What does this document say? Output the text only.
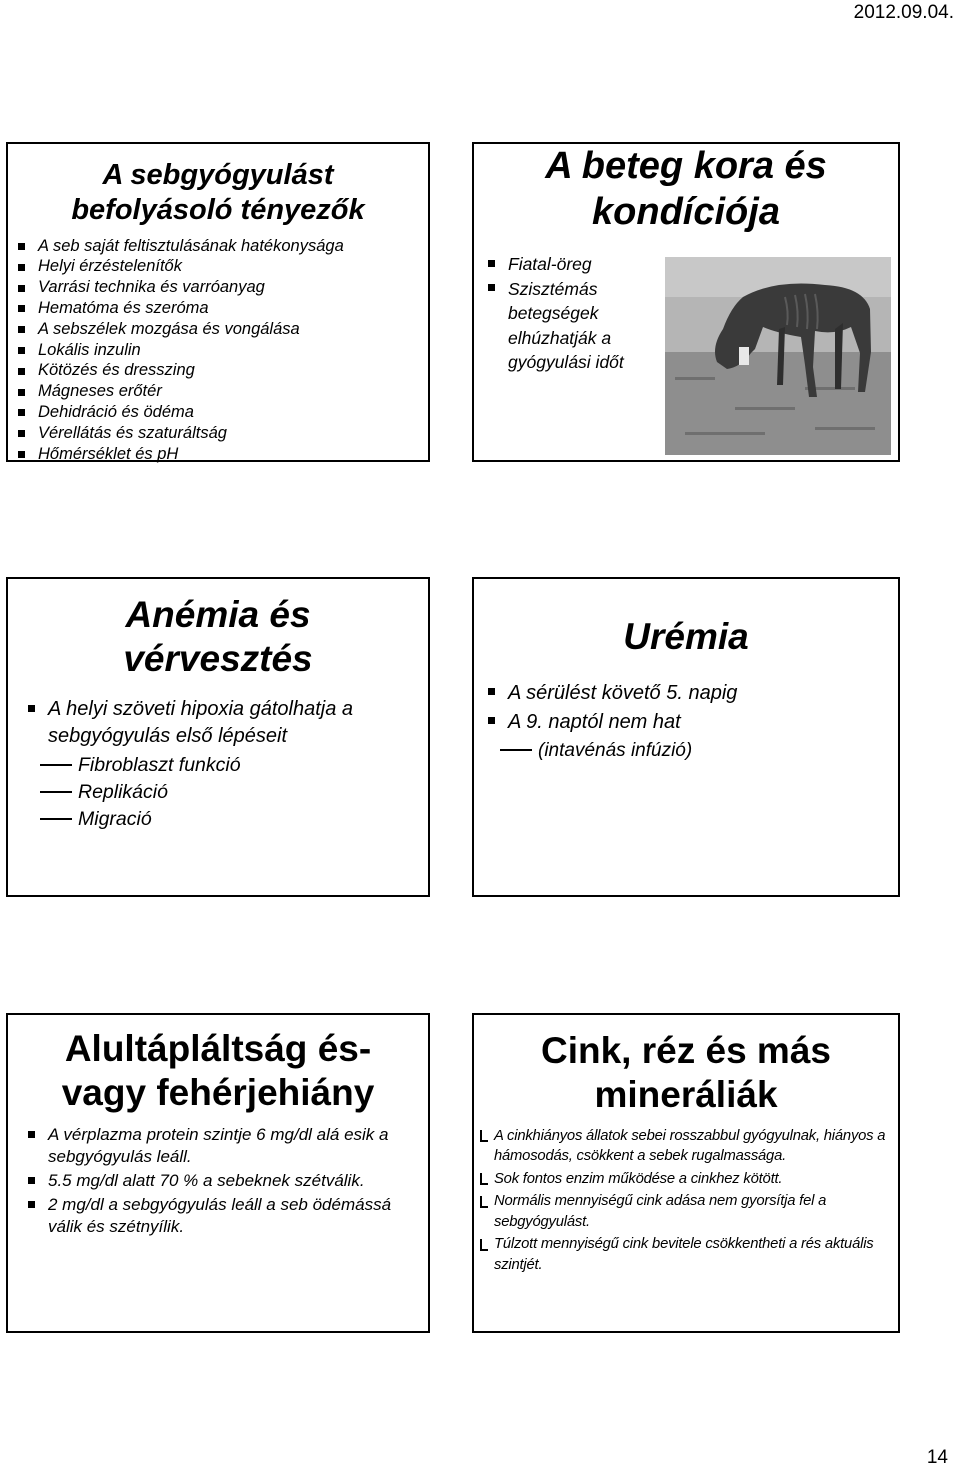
2012.09.04.
A sebgyógyulást
befolyásoló tényezők
A seb saját feltisztulásának hatékonysága
Helyi érzéstelenítők
Varrási technika és varróanyag
Hematóma és szeróma
A sebszélek mozgása és vongálása
Lokális inzulin
Kötözés és dresszing
Mágneses erőtér
Dehidráció és ödéma
Vérellátás és szaturáltság
Hőmérséklet és pH
A beteg kora és
kondíciója
Fiatal-öreg
Szisztémás betegségek elhúzhatják a gyógyulási időt
Anémia és
vérvesztés
A helyi szöveti hipoxia gátolhatja a sebgyógyulás első lépéseit
Fibroblaszt funkció
Replikáció
Migració
Urémia
A sérülést követő 5. napig
A 9. naptól nem hat
(intavénás infúzió)
Alultápláltság és-
vagy fehérjehiány
A vérplazma protein szintje 6 mg/dl alá esik a sebgyógyulás leáll.
5.5 mg/dl alatt 70 % a sebeknek szétválik.
2 mg/dl a sebgyógyulás leáll a seb ödémássá válik és szétnyílik.
Cink, réz és más
mineráliák
A cinkhiányos állatok sebei rosszabbul gyógyulnak, hiányos a hámosodás, csökkent a sebek rugalmassága.
Sok fontos enzim működése a cinkhez kötött.
Normális mennyiségű cink adása nem gyorsítja fel a sebgyógyulást.
Túlzott mennyiségű cink bevitele csökkentheti a rés aktuális szintjét.
14
